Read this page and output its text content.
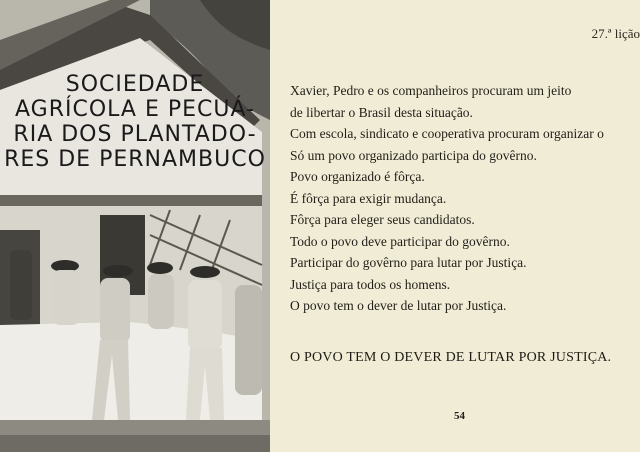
SOCIEDADE
AGRÍCOLA E PECUÁ-
RIA DOS PLANTADO-
RES DE PERNAMBUCO
27.ª lição
Xavier, Pedro e os companheiros procuram um jeito
de libertar o Brasil desta situação.
Com escola, sindicato e cooperativa procuram organizar o
Só um povo organizado participa do govêrno.
Povo organizado é fôrça.
É fôrça para exigir mudança.
Fôrça para eleger seus candidatos.
Todo o povo deve participar do govêrno.
Participar do govêrno para lutar por Justiça.
Justiça para todos os homens.
O povo tem o dever de lutar por Justiça.
O POVO TEM O DEVER DE LUTAR POR JUSTIÇA.
54
